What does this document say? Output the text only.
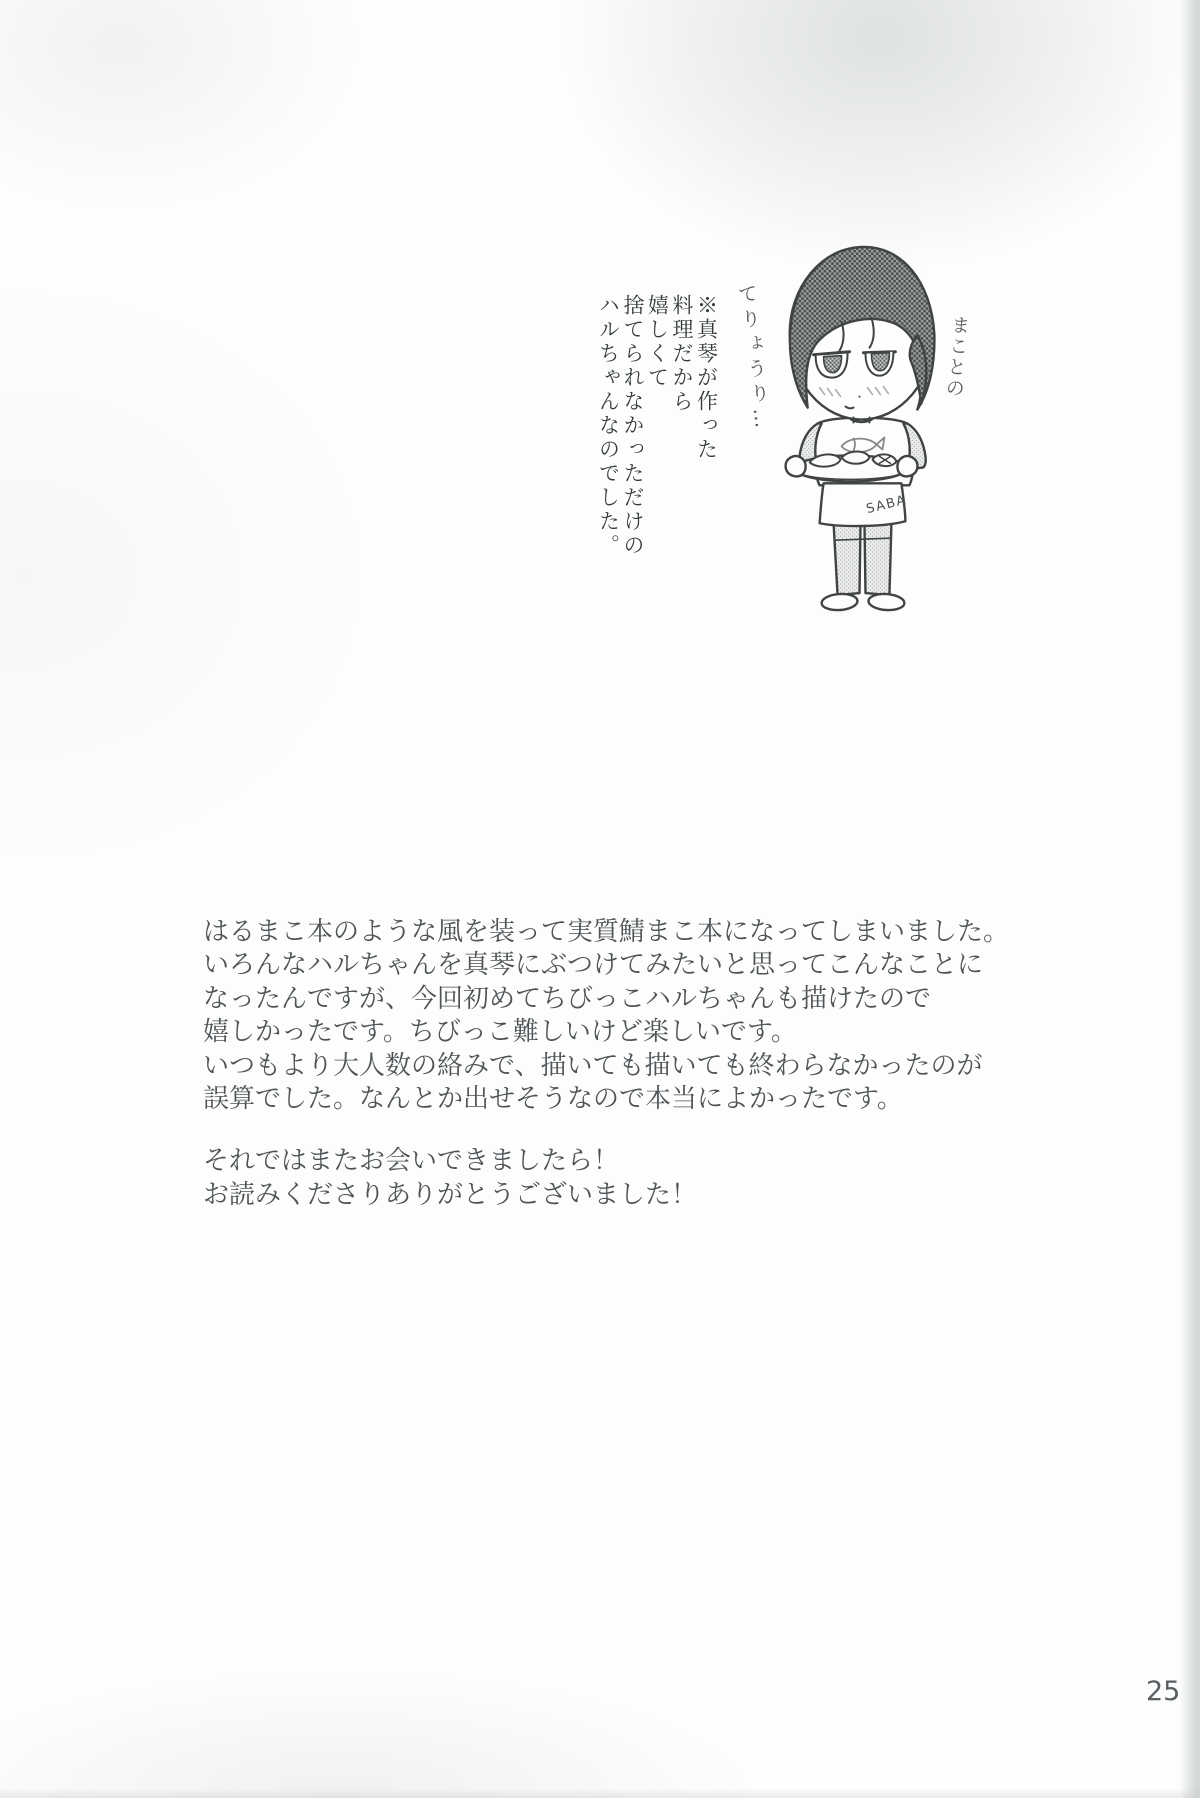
SABA
まことの
てりょうり…
※真琴が作った
料理だから
嬉しくて
捨てられなかっただけの
ハルちゃんなのでした。
はるまこ本のような風を装って実質鯖まこ本になってしまいました。
いろんなハルちゃんを真琴にぶつけてみたいと思ってこんなことに
なったんですが、今回初めてちびっこハルちゃんも描けたので
嬉しかったです。ちびっこ難しいけど楽しいです。
いつもより大人数の絡みで、描いても描いても終わらなかったのが
誤算でした。なんとか出せそうなので本当によかったです。
それではまたお会いできましたら！
お読みくださりありがとうございました！
25
